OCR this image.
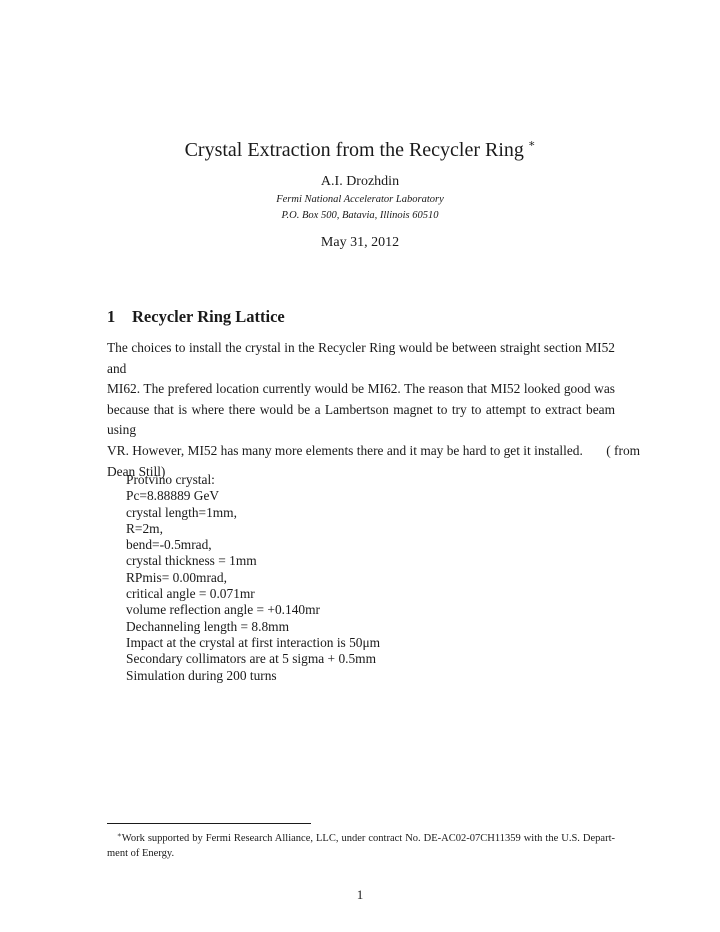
Crystal Extraction from the Recycler Ring ∗
A.I. Drozhdin
Fermi National Accelerator Laboratory
P.O. Box 500, Batavia, Illinois 60510
May 31, 2012
1 Recycler Ring Lattice
The choices to install the crystal in the Recycler Ring would be between straight section MI52 and
MI62. The prefered location currently would be MI62. The reason that MI52 looked good was
because that is where there would be a Lambertson magnet to try to attempt to extract beam using
VR. However, MI52 has many more elements there and it may be hard to get it installed.       ( from
Dean Still)
Protvino crystal:
Pc=8.88889 GeV
crystal length=1mm,
R=2m,
bend=-0.5mrad,
crystal thickness = 1mm
RPmis= 0.00mrad,
critical angle = 0.071mr
volume reflection angle = +0.140mr
Dechanneling length = 8.8mm
Impact at the crystal at first interaction is 50μm
Secondary collimators are at 5 sigma + 0.5mm
Simulation during 200 turns
∗Work supported by Fermi Research Alliance, LLC, under contract No. DE-AC02-07CH11359 with the U.S. Depart-
ment of Energy.
1
